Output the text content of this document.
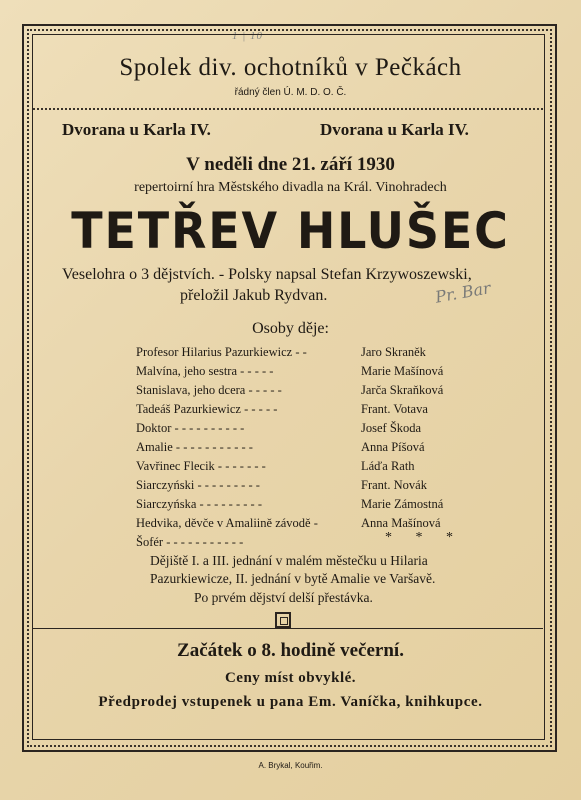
1 | 10
Spolek div. ochotníků v Pečkách
řádný člen Ú. M. D. O. Č.
Dvorana u Karla IV.	Dvorana u Karla IV.
V neděli dne 21. září 1930
repertoirní hra Městského divadla na Král. Vinohradech
TETŘEV HLUŠEC
Veselohra o 3 dějstvích. - Polsky napsal Stefan Krzywoszewski,
přeložil Jakub Rydvan.	Pr. Bar
Osoby děje:
Profesor Hilarius Pazurkiewicz - -	Jaro Skraněk
Malvína, jeho sestra - - - - -	Marie Mašínová
Stanislava, jeho dcera - - - - -	Jarča Skraňková
Tadeáš Pazurkiewicz - - - - -	Frant. Votava
Doktor - - - - - - - - - -	Josef Škoda
Amalie - - - - - - - - - - -	Anna Píšová
Vavřinec Flecik - - - - - - -	Láďa Rath
Siarczyński - - - - - - - - -	Frant. Novák
Siarczyńska - - - - - - - - -	Marie Zámostná
Hedvika, děvče v Amaliině závodě -	Anna Mašínová
Šofér - - - - - - - - - - -	* * *
Dějiště I. a III. jednání v malém městečku u Hilaria
Pazurkiewicze, II. jednání v bytě Amalie ve Varšavě.
Po prvém dějství delší přestávka.
Začátek o 8. hodině večerní.
Ceny míst obvyklé.
Předprodej vstupenek u pana Em. Vaníčka, knihkupce.
A. Brykal, Kouřim.
